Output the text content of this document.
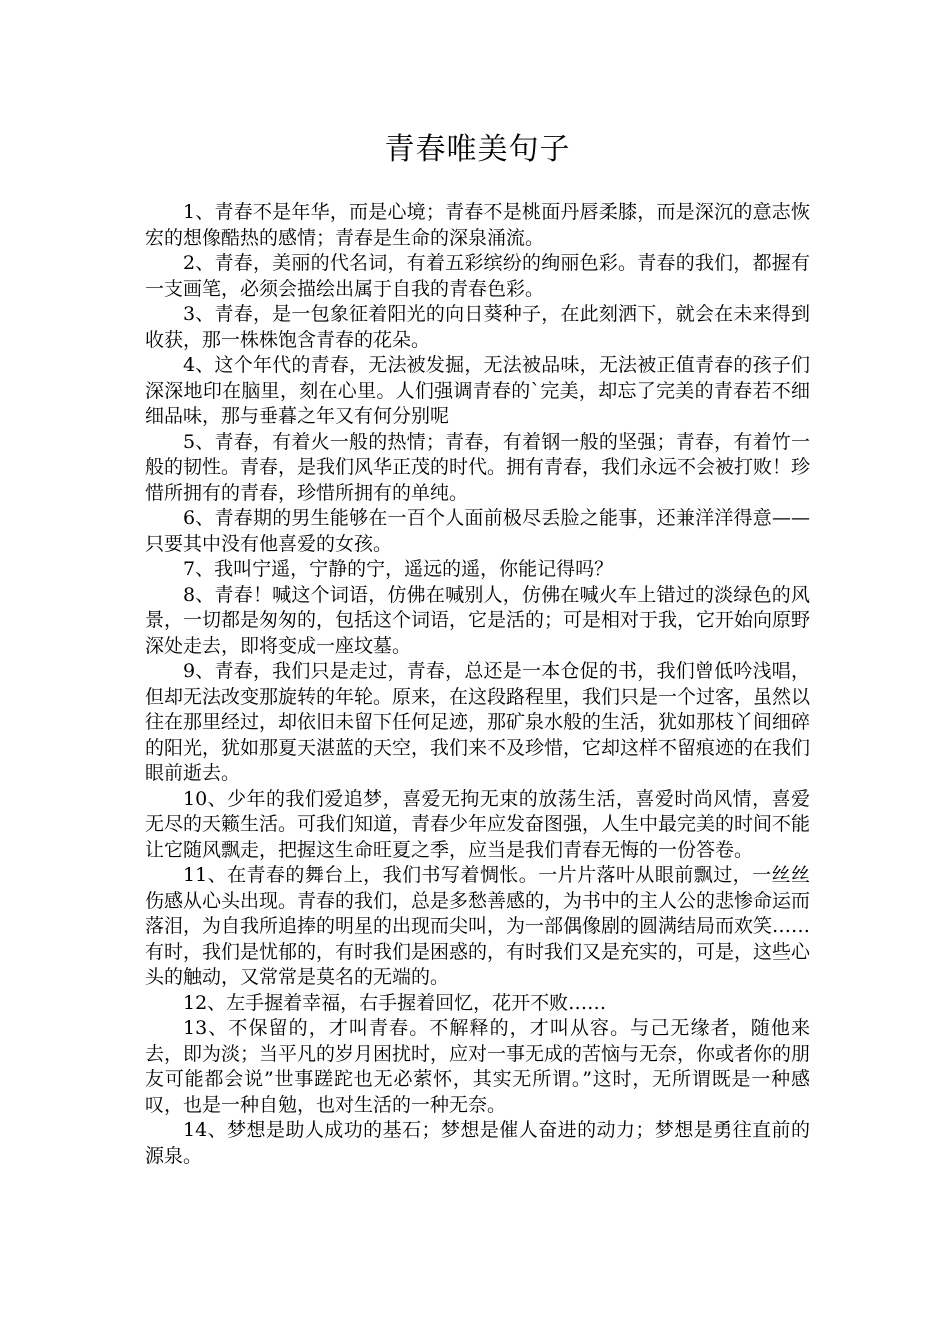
青春唯美句子

1、青春不是年华，而是心境；青春不是桃面丹唇柔膝，而是深沉的意志恢宏的想像酷热的感情；青春是生命的深泉涌流。

2、青春，美丽的代名词，有着五彩缤纷的绚丽色彩。青春的我们，都握有一支画笔，必须会描绘出属于自我的青春色彩。

3、青春，是一包象征着阳光的向日葵种子，在此刻洒下，就会在未来得到收获，那一株株饱含青春的花朵。

4、这个年代的青春，无法被发掘，无法被品味，无法被正值青春的孩子们深深地印在脑里，刻在心里。人们强调青春的`完美，却忘了完美的青春若不细细品味，那与垂暮之年又有何分别呢

5、青春，有着火一般的热情；青春，有着钢一般的坚强；青春，有着竹一般的韧性。青春，是我们风华正茂的时代。拥有青春，我们永远不会被打败！珍惜所拥有的青春，珍惜所拥有的单纯。

6、青春期的男生能够在一百个人面前极尽丢脸之能事，还兼洋洋得意——只要其中没有他喜爱的女孩。

7、我叫宁遥，宁静的宁，遥远的遥，你能记得吗？

8、青春！喊这个词语，仿佛在喊别人，仿佛在喊火车上错过的淡绿色的风景，一切都是匆匆的，包括这个词语，它是活的；可是相对于我，它开始向原野深处走去，即将变成一座坟墓。

9、青春，我们只是走过，青春，总还是一本仓促的书，我们曾低吟浅唱，但却无法改变那旋转的年轮。原来，在这段路程里，我们只是一个过客，虽然以往在那里经过，却依旧未留下任何足迹，那矿泉水般的生活，犹如那枝丫间细碎的阳光，犹如那夏天湛蓝的天空，我们来不及珍惜，它却这样不留痕迹的在我们眼前逝去。

10、少年的我们爱追梦，喜爱无拘无束的放荡生活，喜爱时尚风情，喜爱无尽的天籁生活。可我们知道，青春少年应发奋图强，人生中最完美的时间不能让它随风飘走，把握这生命旺夏之季，应当是我们青春无悔的一份答卷。

11、在青春的舞台上，我们书写着惆怅。一片片落叶从眼前飘过，一丝丝伤感从心头出现。青春的我们，总是多愁善感的，为书中的主人公的悲惨命运而落泪，为自我所追捧的明星的出现而尖叫，为一部偶像剧的圆满结局而欢笑……有时，我们是忧郁的，有时我们是困惑的，有时我们又是充实的，可是，这些心头的触动，又常常是莫名的无端的。

12、左手握着幸福，右手握着回忆，花开不败……

13、不保留的，才叫青春。不解释的，才叫从容。与己无缘者，随他来去，即为淡；当平凡的岁月困扰时，应对一事无成的苦恼与无奈，你或者你的朋友可能都会说”世事蹉跎也无必萦怀，其实无所谓。”这时，无所谓既是一种感叹，也是一种自勉，也对生活的一种无奈。

14、梦想是助人成功的基石；梦想是催人奋进的动力；梦想是勇往直前的源泉。
